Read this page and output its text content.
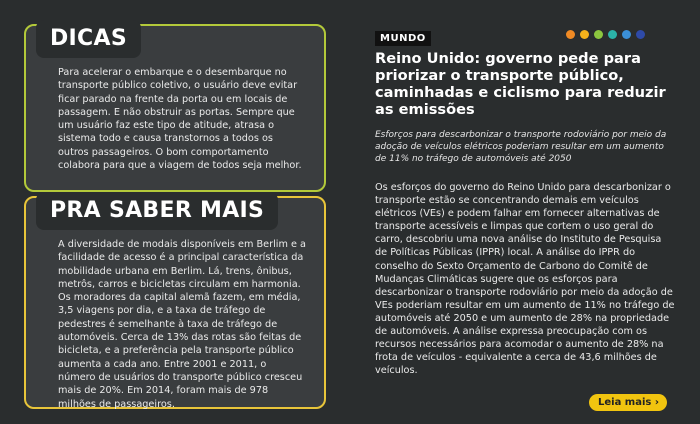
DICAS
Para acelerar o embarque e o desembarque no transporte público coletivo, o usuário deve evitar ficar parado na frente da porta ou em locais de passagem. E não obstruir as portas. Sempre que um usuário faz este tipo de atitude, atrasa o sistema todo e causa transtornos a todos os outros passageiros. O bom comportamento colabora para que a viagem de todos seja melhor.
PRA SABER MAIS
A diversidade de modais disponíveis em Berlim e a facilidade de acesso é a principal característica da mobilidade urbana em Berlim. Lá, trens, ônibus, metrôs, carros e bicicletas circulam em harmonia. Os moradores da capital alemã fazem, em média, 3,5 viagens por dia, e a taxa de tráfego de pedestres é semelhante à taxa de tráfego de automóveis. Cerca de 13% das rotas são feitas de bicicleta, e a preferência pela transporte público aumenta a cada ano. Entre 2001 e 2011, o número de usuários do transporte público cresceu mais de 20%. Em 2014, foram mais de 978 milhões de passageiros.
MUNDO
Reino Unido: governo pede para priorizar o transporte público, caminhadas e ciclismo para reduzir as emissões

Esforços para descarbonizar o transporte rodoviário por meio da adoção de veículos elétricos poderiam resultar em um aumento de 11% no tráfego de automóveis até 2050

Os esforços do governo do Reino Unido para descarbonizar o transporte estão se concentrando demais em veículos elétricos (VEs) e podem falhar em fornecer alternativas de transporte acessíveis e limpas que cortem o uso geral do carro, descobriu uma nova análise do Instituto de Pesquisa de Políticas Públicas (IPPR) local. A análise do IPPR do conselho do Sexto Orçamento de Carbono do Comitê de Mudanças Climáticas sugere que os esforços para descarbonizar o transporte rodoviário por meio da adoção de VEs poderiam resultar em um aumento de 11% no tráfego de automóveis até 2050 e um aumento de 28% na propriedade de automóveis. A análise expressa preocupação com os recursos necessários para acomodar o aumento de 28% na frota de veículos - equivalente a cerca de 43,6 milhões de veículos.

Leia mais ›
